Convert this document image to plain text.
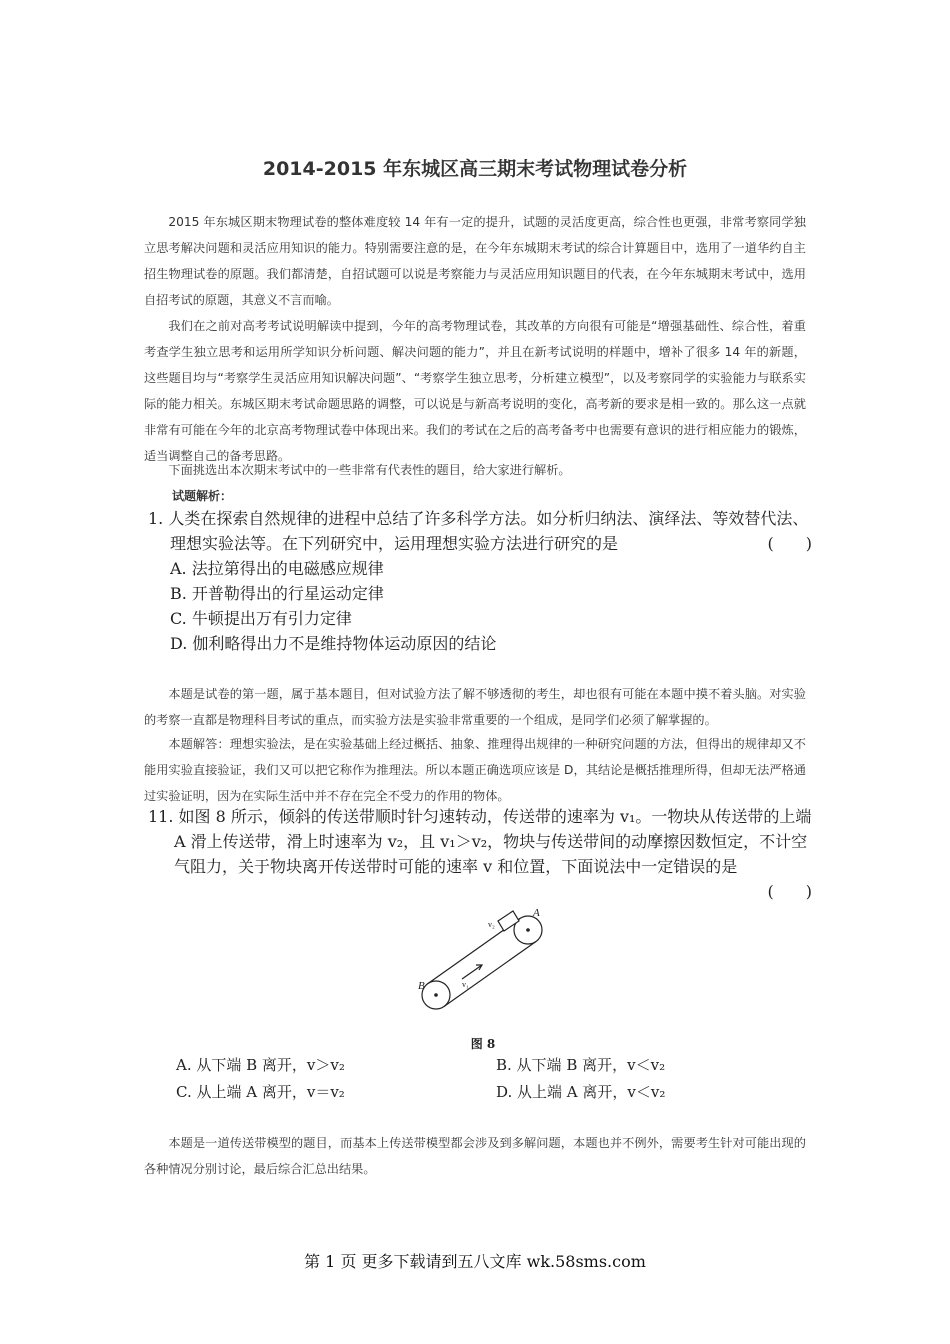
2014-2015 年东城区高三期末考试物理试卷分析
2015 年东城区期末物理试卷的整体难度较 14 年有一定的提升，试题的灵活度更高，综合性也更强，非常考察同学独立思考解决问题和灵活应用知识的能力。特别需要注意的是，在今年东城期末考试的综合计算题目中，选用了一道华约自主招生物理试卷的原题。我们都清楚，自招试题可以说是考察能力与灵活应用知识题目的代表，在今年东城期末考试中，选用自招考试的原题，其意义不言而喻。
我们在之前对高考考试说明解读中提到，今年的高考物理试卷，其改革的方向很有可能是“增强基础性、综合性，着重考查学生独立思考和运用所学知识分析问题、解决问题的能力”，并且在新考试说明的样题中，增补了很多 14 年的新题，这些题目均与“考察学生灵活应用知识解决问题”、“考察学生独立思考，分析建立模型”，以及考察同学的实验能力与联系实际的能力相关。东城区期末考试命题思路的调整，可以说是与新高考说明的变化，高考新的要求是相一致的。那么这一点就非常有可能在今年的北京高考物理试卷中体现出来。我们的考试在之后的高考备考中也需要有意识的进行相应能力的锻炼，适当调整自己的备考思路。
下面挑选出本次期末考试中的一些非常有代表性的题目，给大家进行解析。
试题解析：
1. 人类在探索自然规律的进程中总结了许多科学方法。如分析归纳法、演绎法、等效替代法、理想实验法等。在下列研究中，运用理想实验方法进行研究的是	(　　)
A. 法拉第得出的电磁感应规律
B. 开普勒得出的行星运动定律
C. 牛顿提出万有引力定律
D. 伽利略得出力不是维持物体运动原因的结论
本题是试卷的第一题，属于基本题目，但对试验方法了解不够透彻的考生，却也很有可能在本题中摸不着头脑。对实验的考察一直都是物理科目考试的重点，而实验方法是实验非常重要的一个组成，是同学们必须了解掌握的。
本题解答：理想实验法，是在实验基础上经过概括、抽象、推理得出规律的一种研究问题的方法，但得出的规律却又不能用实验直接验证，我们又可以把它称作为推理法。所以本题正确选项应该是 D，其结论是概括推理所得，但却无法严格通过实验证明，因为在实际生活中并不存在完全不受力的作用的物体。
11. 如图 8 所示，倾斜的传送带顺时针匀速转动，传送带的速率为 v₁。一物块从传送带的上端 A 滑上传送带，滑上时速率为 v₂，且 v₁＞v₂，物块与传送带间的动摩擦因数恒定，不计空气阻力，关于物块离开传送带时可能的速率 v 和位置，下面说法中一定错误的是
(　　)
A
B	v₁
v₂
图 8
A. 从下端 B 离开，v＞v₂	B. 从下端 B 离开，v＜v₂
C. 从上端 A 离开，v＝v₂	D. 从上端 A 离开，v＜v₂
本题是一道传送带模型的题目，而基本上传送带模型都会涉及到多解问题，本题也并不例外，需要考生针对可能出现的各种情况分别讨论，最后综合汇总出结果。
第 1 页 更多下载请到五八文库 wk.58sms.com
